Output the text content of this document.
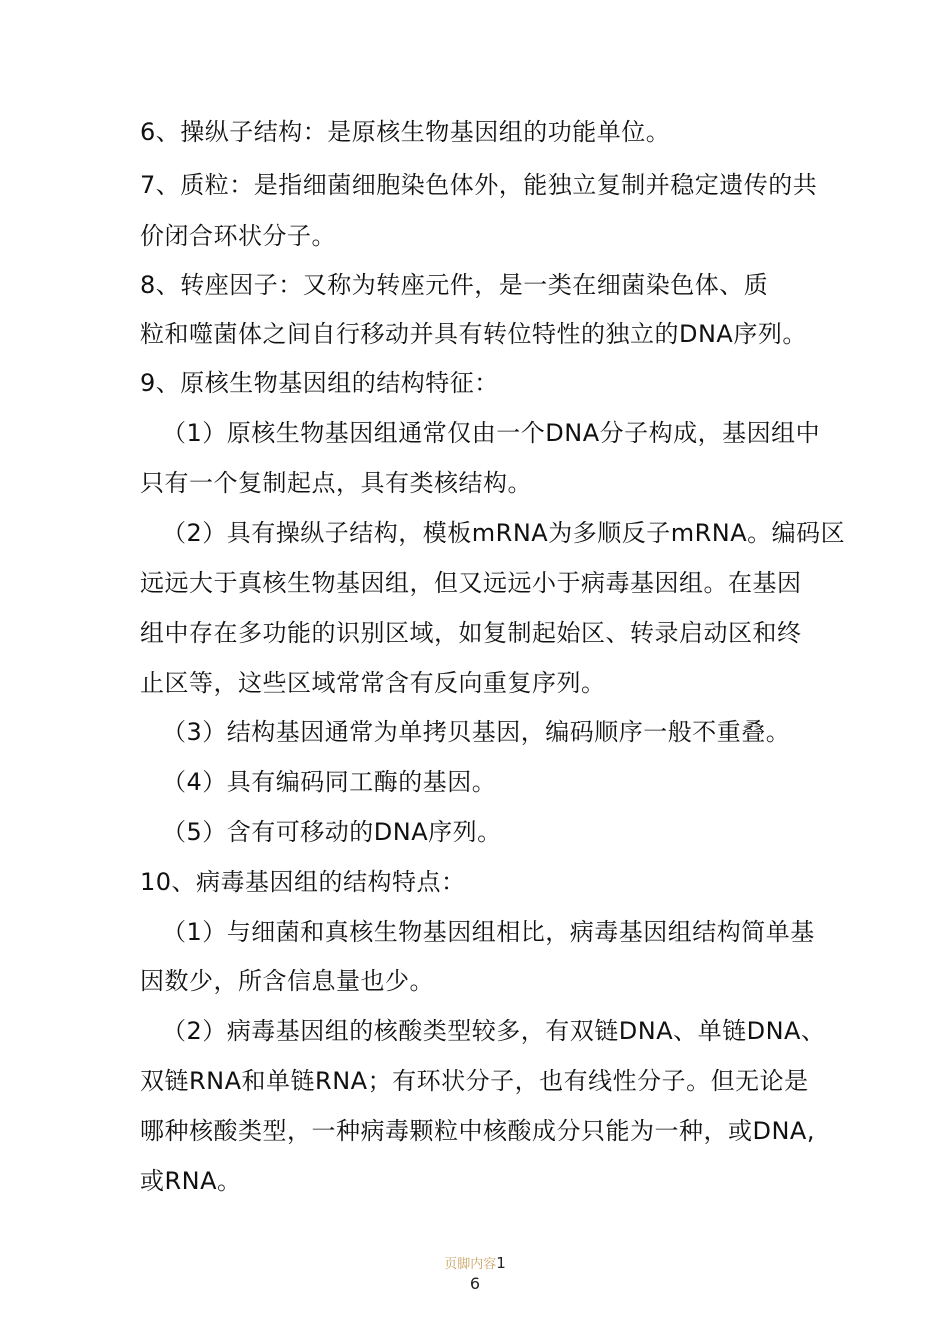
6、操纵子结构：是原核生物基因组的功能单位。
7、质粒：是指细菌细胞染色体外，能独立复制并稳定遗传的共
价闭合环状分子。
8、转座因子：又称为转座元件，是一类在细菌染色体、质
粒和噬菌体之间自行移动并具有转位特性的独立的DNA序列。
9、原核生物基因组的结构特征：
（1）原核生物基因组通常仅由一个DNA分子构成，基因组中
只有一个复制起点，具有类核结构。
（2）具有操纵子结构，模板mRNA为多顺反子mRNA。编码区
远远大于真核生物基因组，但又远远小于病毒基因组。在基因
组中存在多功能的识别区域，如复制起始区、转录启动区和终
止区等，这些区域常常含有反向重复序列。
（3）结构基因通常为单拷贝基因，编码顺序一般不重叠。
（4）具有编码同工酶的基因。
（5）含有可移动的DNA序列。
10、病毒基因组的结构特点：
（1）与细菌和真核生物基因组相比，病毒基因组结构简单基
因数少，所含信息量也少。
（2）病毒基因组的核酸类型较多，有双链DNA、单链DNA、
双链RNA和单链RNA；有环状分子，也有线性分子。但无论是
哪种核酸类型，一种病毒颗粒中核酸成分只能为一种，或DNA,
或RNA。
页脚内容1
6
